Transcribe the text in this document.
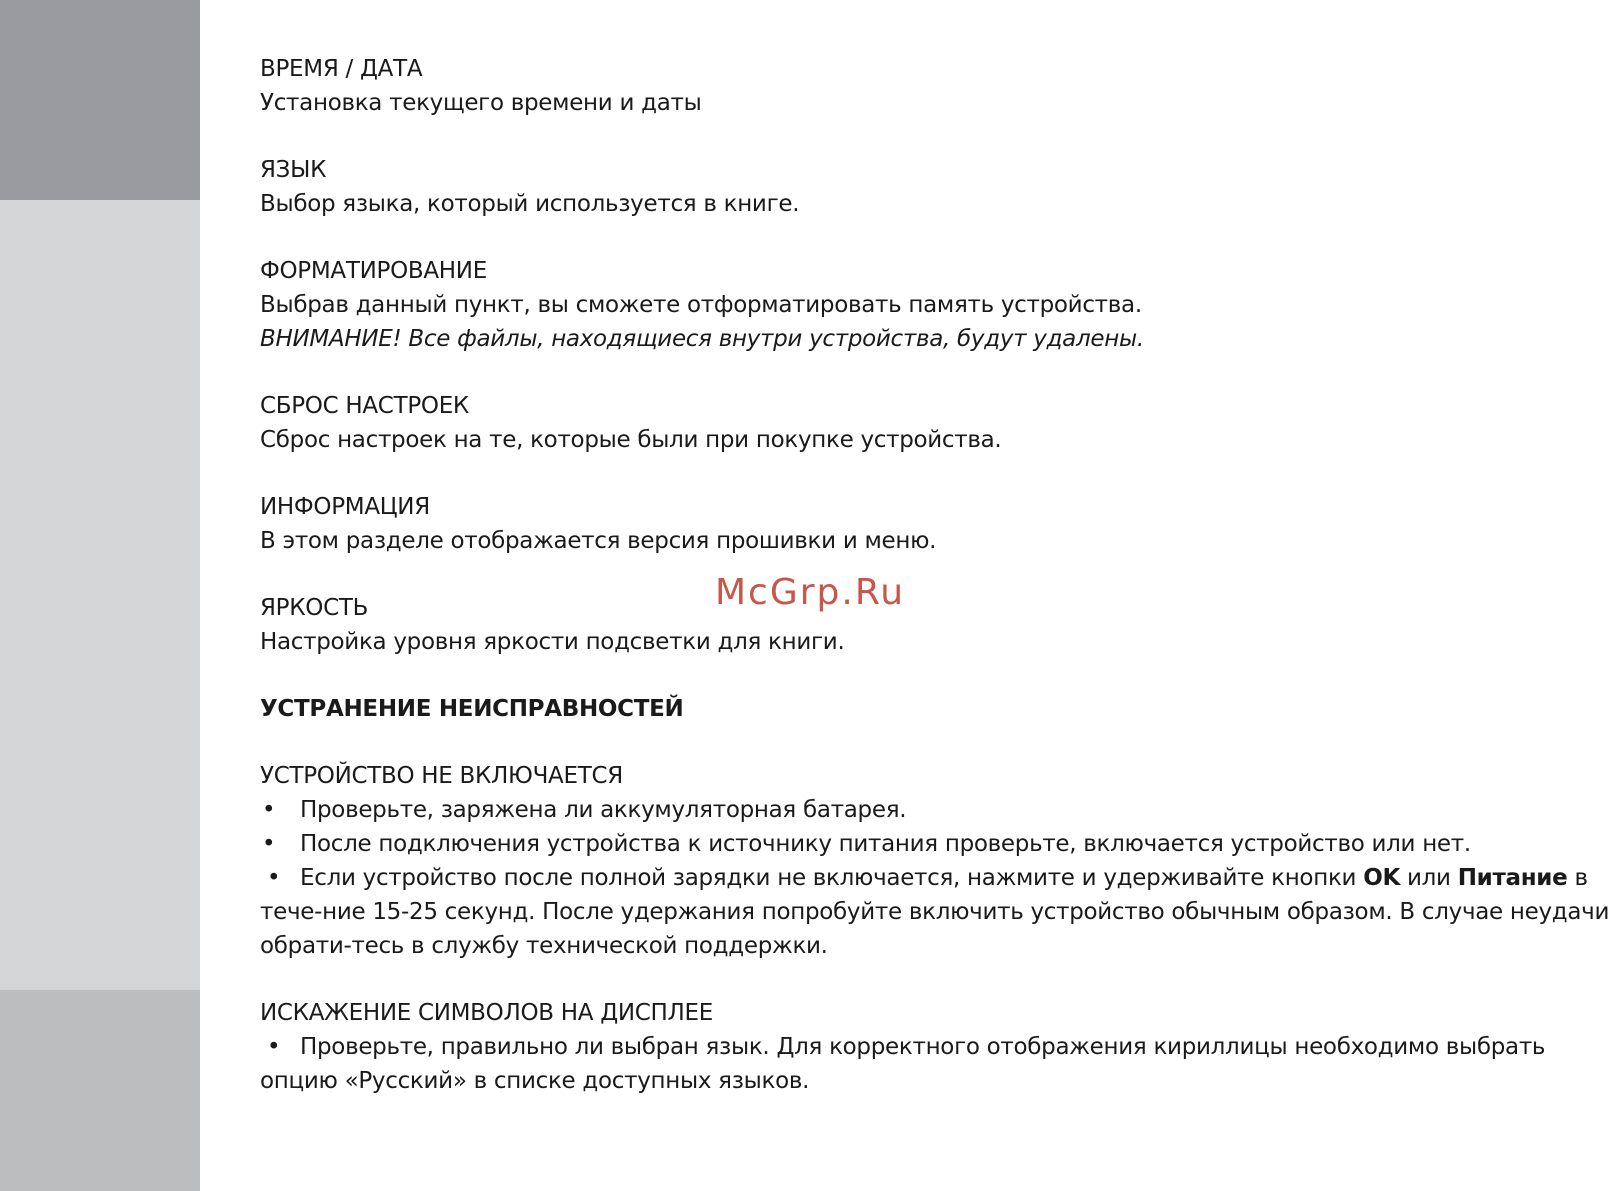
ВРЕМЯ / ДАТА
Установка текущего времени и даты
ЯЗЫК
Выбор языка, который используется в книге.
ФОРМАТИРОВАНИЕ
Выбрав данный пункт, вы сможете отформатировать память устройства.
ВНИМАНИЕ! Все файлы, находящиеся внутри устройства, будут удалены.
СБРОС НАСТРОЕК
Сброс настроек на те, которые были при покупке устройства.
ИНФОРМАЦИЯ
В этом разделе отображается версия прошивки и меню.
ЯРКОСТЬ
Настройка уровня яркости подсветки для книги.
УСТРАНЕНИЕ НЕИСПРАВНОСТЕЙ
УСТРОЙСТВО НЕ ВКЛЮЧАЕТСЯ
• Проверьте, заряжена ли аккумуляторная батарея.
• После подключения устройства к источнику питания проверьте, включается устройство или нет.
• Если устройство после полной зарядки не включается, нажмите и удерживайте кнопки OK или Питание в тече-ние 15-25 секунд. После удержания попробуйте включить устройство обычным образом. В случае неудачи обрати-тесь в службу технической поддержки.
ИСКАЖЕНИЕ СИМВОЛОВ НА ДИСПЛЕЕ
• Проверьте, правильно ли выбран язык. Для корректного отображения кириллицы необходимо выбрать опцию «Русский» в списке доступных языков.
McGrp.Ru
